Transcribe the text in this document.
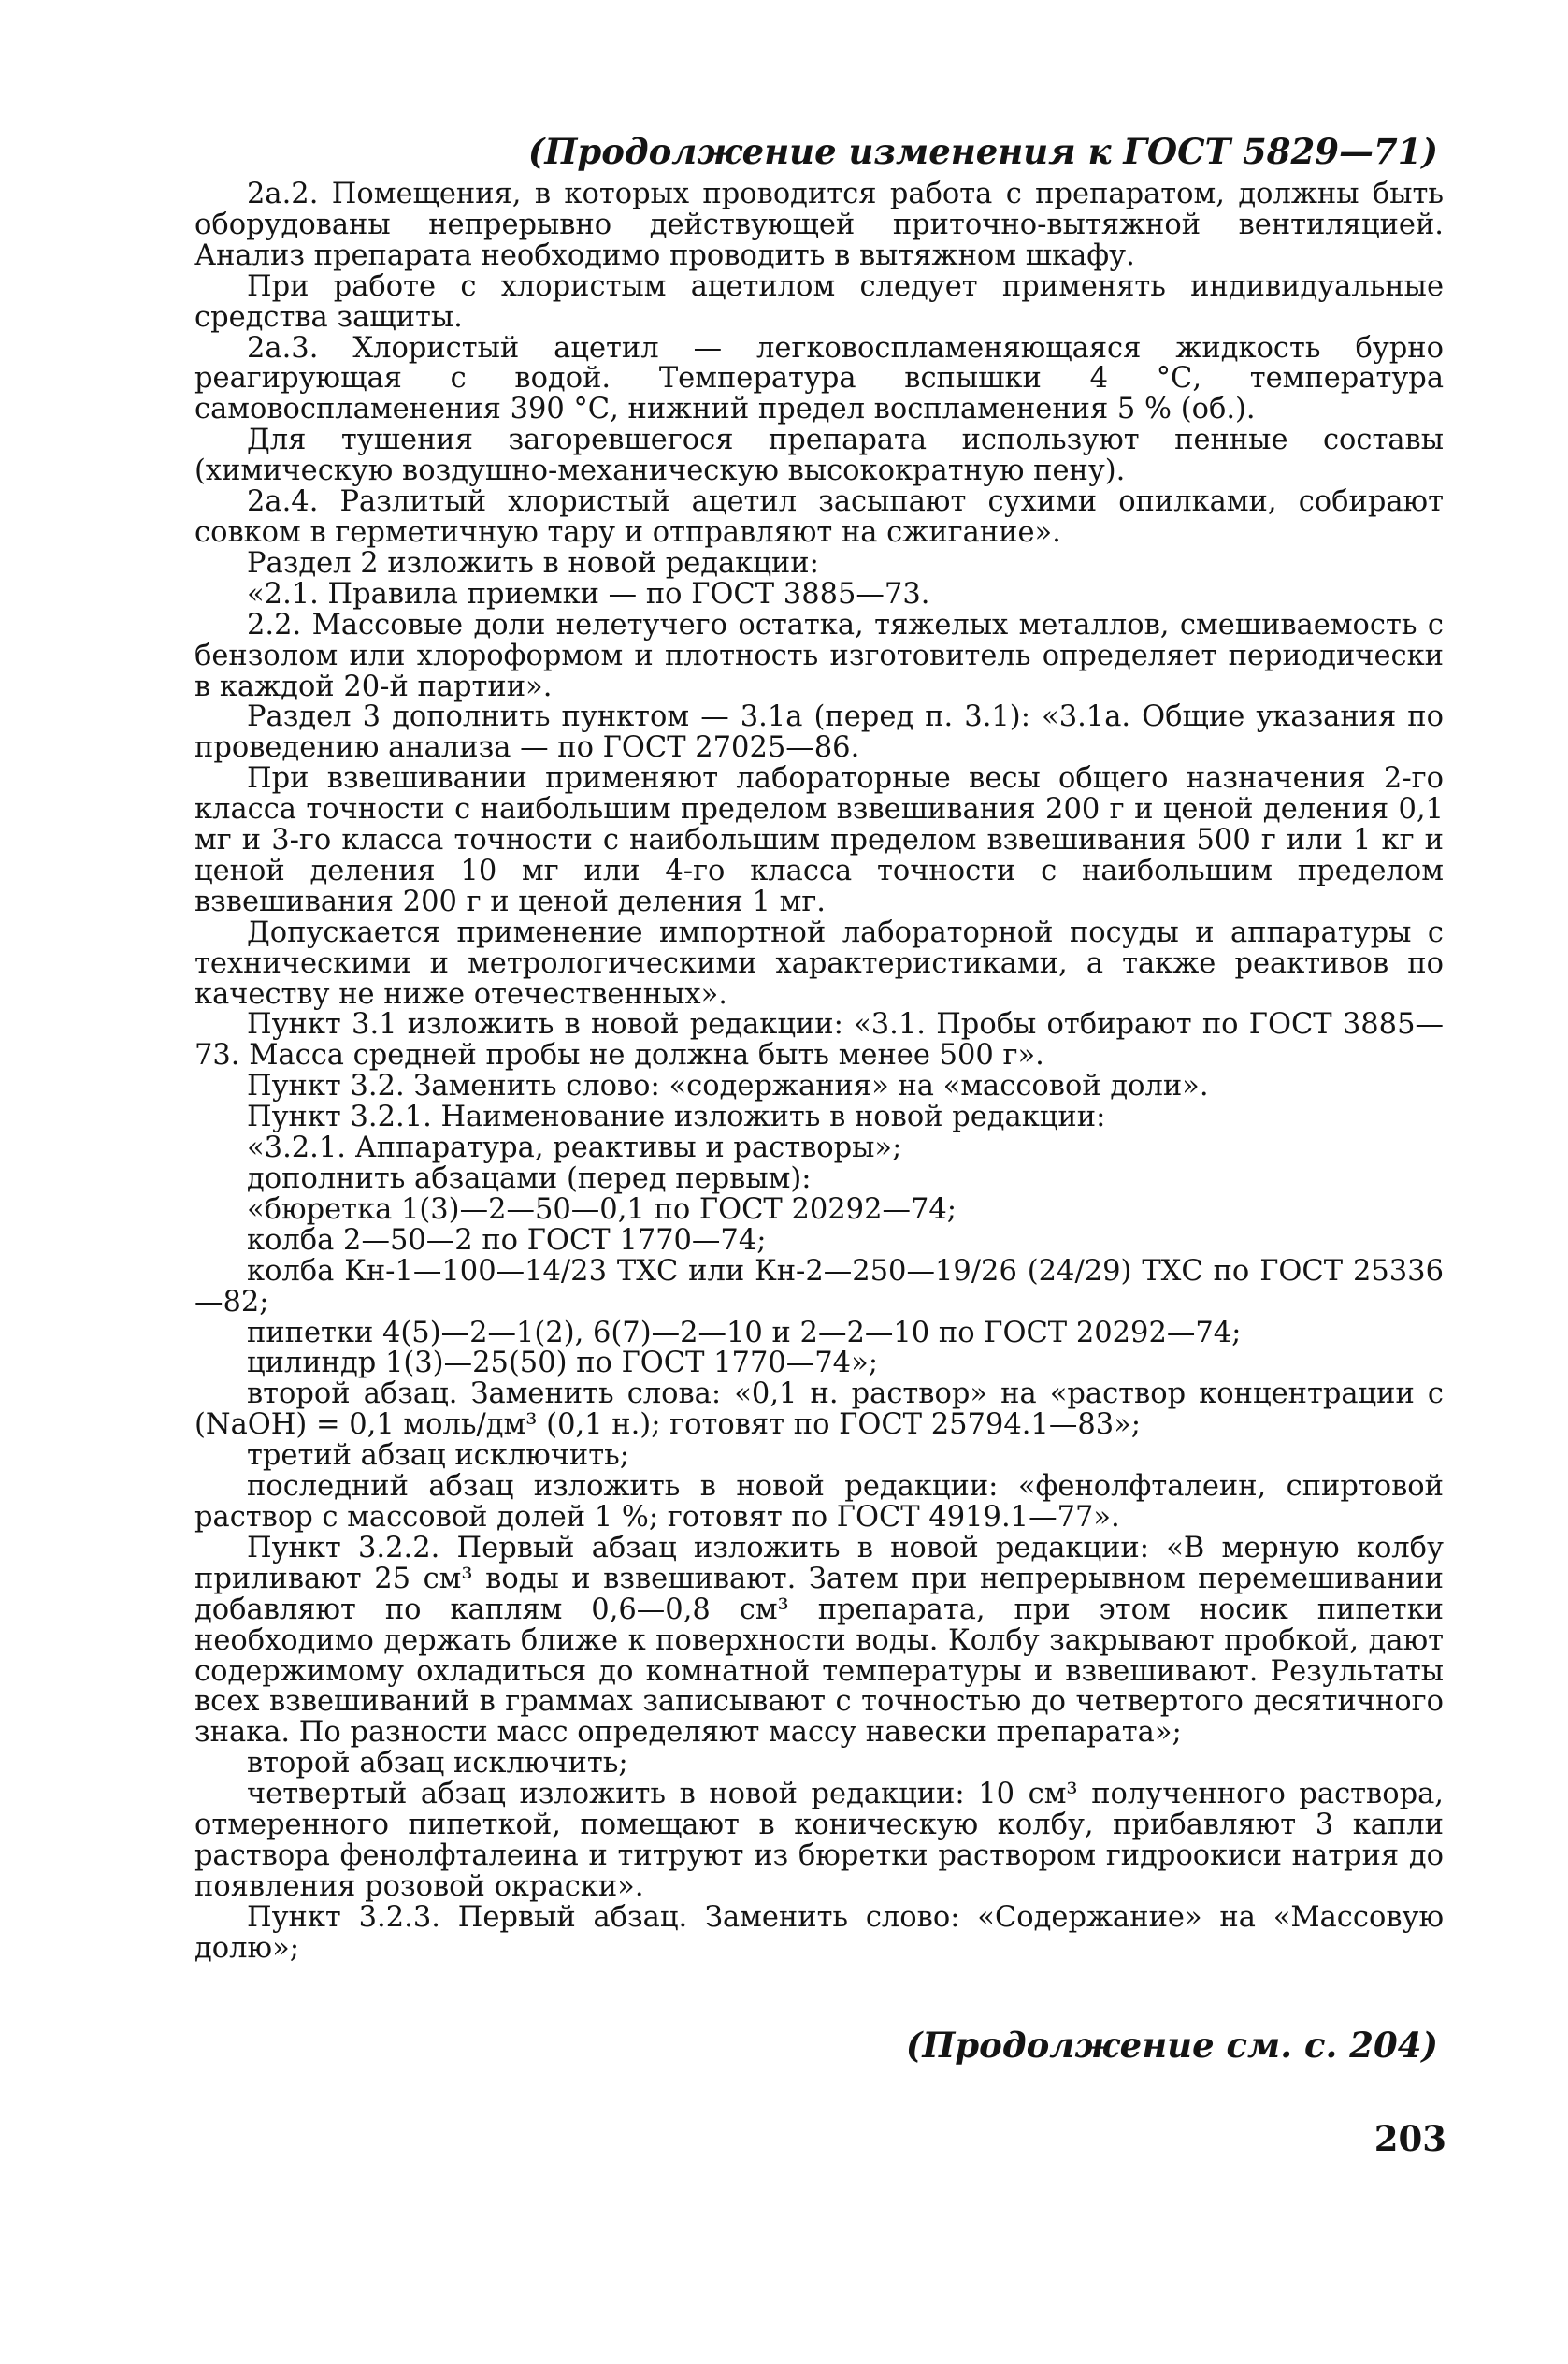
(Продолжение изменения к ГОСТ 5829—71)

2а.2. Помещения, в которых проводится работа с препаратом, должны быть оборудованы непрерывно действующей приточно-вытяжной вентиляцией. Анализ препарата необходимо проводить в вытяжном шкафу.

При работе с хлористым ацетилом следует применять индивидуальные средства защиты.

2а.3. Хлористый ацетил — легковоспламеняющаяся жидкость бурно реагирующая с водой. Температура вспышки 4 °С, температура самовоспламенения 390 °С, нижний предел воспламенения 5 % (об.).

Для тушения загоревшегося препарата используют пенные составы (химическую воздушно-механическую высокократную пену).

2а.4. Разлитый хлористый ацетил засыпают сухими опилками, собирают совком в герметичную тару и отправляют на сжигание».

Раздел 2 изложить в новой редакции:

«2.1. Правила приемки — по ГОСТ 3885—73.

2.2. Массовые доли нелетучего остатка, тяжелых металлов, смешиваемость с бензолом или хлороформом и плотность изготовитель определяет периодически в каждой 20-й партии».

Раздел 3 дополнить пунктом — 3.1а (перед п. 3.1): «3.1а. Общие указания по проведению анализа — по ГОСТ 27025—86.

При взвешивании применяют лабораторные весы общего назначения 2-го класса точности с наибольшим пределом взвешивания 200 г и ценой деления 0,1 мг и 3-го класса точности с наибольшим пределом взвешивания 500 г или 1 кг и ценой деления 10 мг или 4-го класса точности с наибольшим пределом взвешивания 200 г и ценой деления 1 мг.

Допускается применение импортной лабораторной посуды и аппаратуры с техническими и метрологическими характеристиками, а также реактивов по качеству не ниже отечественных».

Пункт 3.1 изложить в новой редакции: «3.1. Пробы отбирают по ГОСТ 3885—73. Масса средней пробы не должна быть менее 500 г».

Пункт 3.2. Заменить слово: «содержания» на «массовой доли».

Пункт 3.2.1. Наименование изложить в новой редакции:

«3.2.1. Аппаратура, реактивы и растворы»;

дополнить абзацами (перед первым):

«бюретка 1(3)—2—50—0,1 по ГОСТ 20292—74;

колба 2—50—2 по ГОСТ 1770—74;

колба Кн-1—100—14/23 ТХС или Кн-2—250—19/26 (24/29) ТХС по ГОСТ 25336—82;

пипетки 4(5)—2—1(2), 6(7)—2—10 и 2—2—10 по ГОСТ 20292—74;

цилиндр 1(3)—25(50) по ГОСТ 1770—74»;

второй абзац. Заменить слова: «0,1 н. раствор» на «раствор концентрации c (NaOH) = 0,1 моль/дм³ (0,1 н.); готовят по ГОСТ 25794.1—83»;

третий абзац исключить;

последний абзац изложить в новой редакции: «фенолфталеин, спиртовой раствор с массовой долей 1 %; готовят по ГОСТ 4919.1—77».

Пункт 3.2.2. Первый абзац изложить в новой редакции: «В мерную колбу приливают 25 см³ воды и взвешивают. Затем при непрерывном перемешивании добавляют по каплям 0,6—0,8 см³ препарата, при этом носик пипетки необходимо держать ближе к поверхности воды. Колбу закрывают пробкой, дают содержимому охладиться до комнатной температуры и взвешивают. Результаты всех взвешиваний в граммах записывают с точностью до четвертого десятичного знака. По разности масс определяют массу навески препарата»;

второй абзац исключить;

четвертый абзац изложить в новой редакции: 10 см³ полученного раствора, отмеренного пипеткой, помещают в коническую колбу, прибавляют 3 капли раствора фенолфталеина и титруют из бюретки раствором гидроокиси натрия до появления розовой окраски».

Пункт 3.2.3. Первый абзац. Заменить слово: «Содержание» на «Массовую долю»;

(Продолжение см. с. 204)
203
